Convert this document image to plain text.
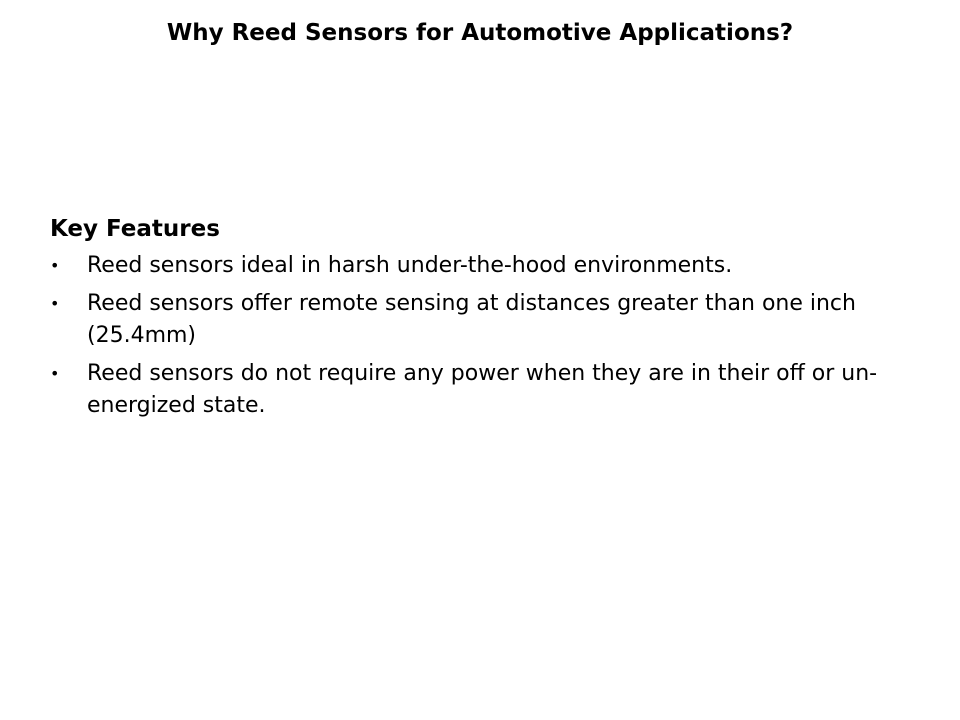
Why Reed Sensors for Automotive Applications?
Key Features
• Reed sensors ideal in harsh under-the-hood environments.
• Reed sensors offer remote sensing at distances greater than one inch (25.4mm)
• Reed sensors do not require any power when they are in their off or un-energized state.
